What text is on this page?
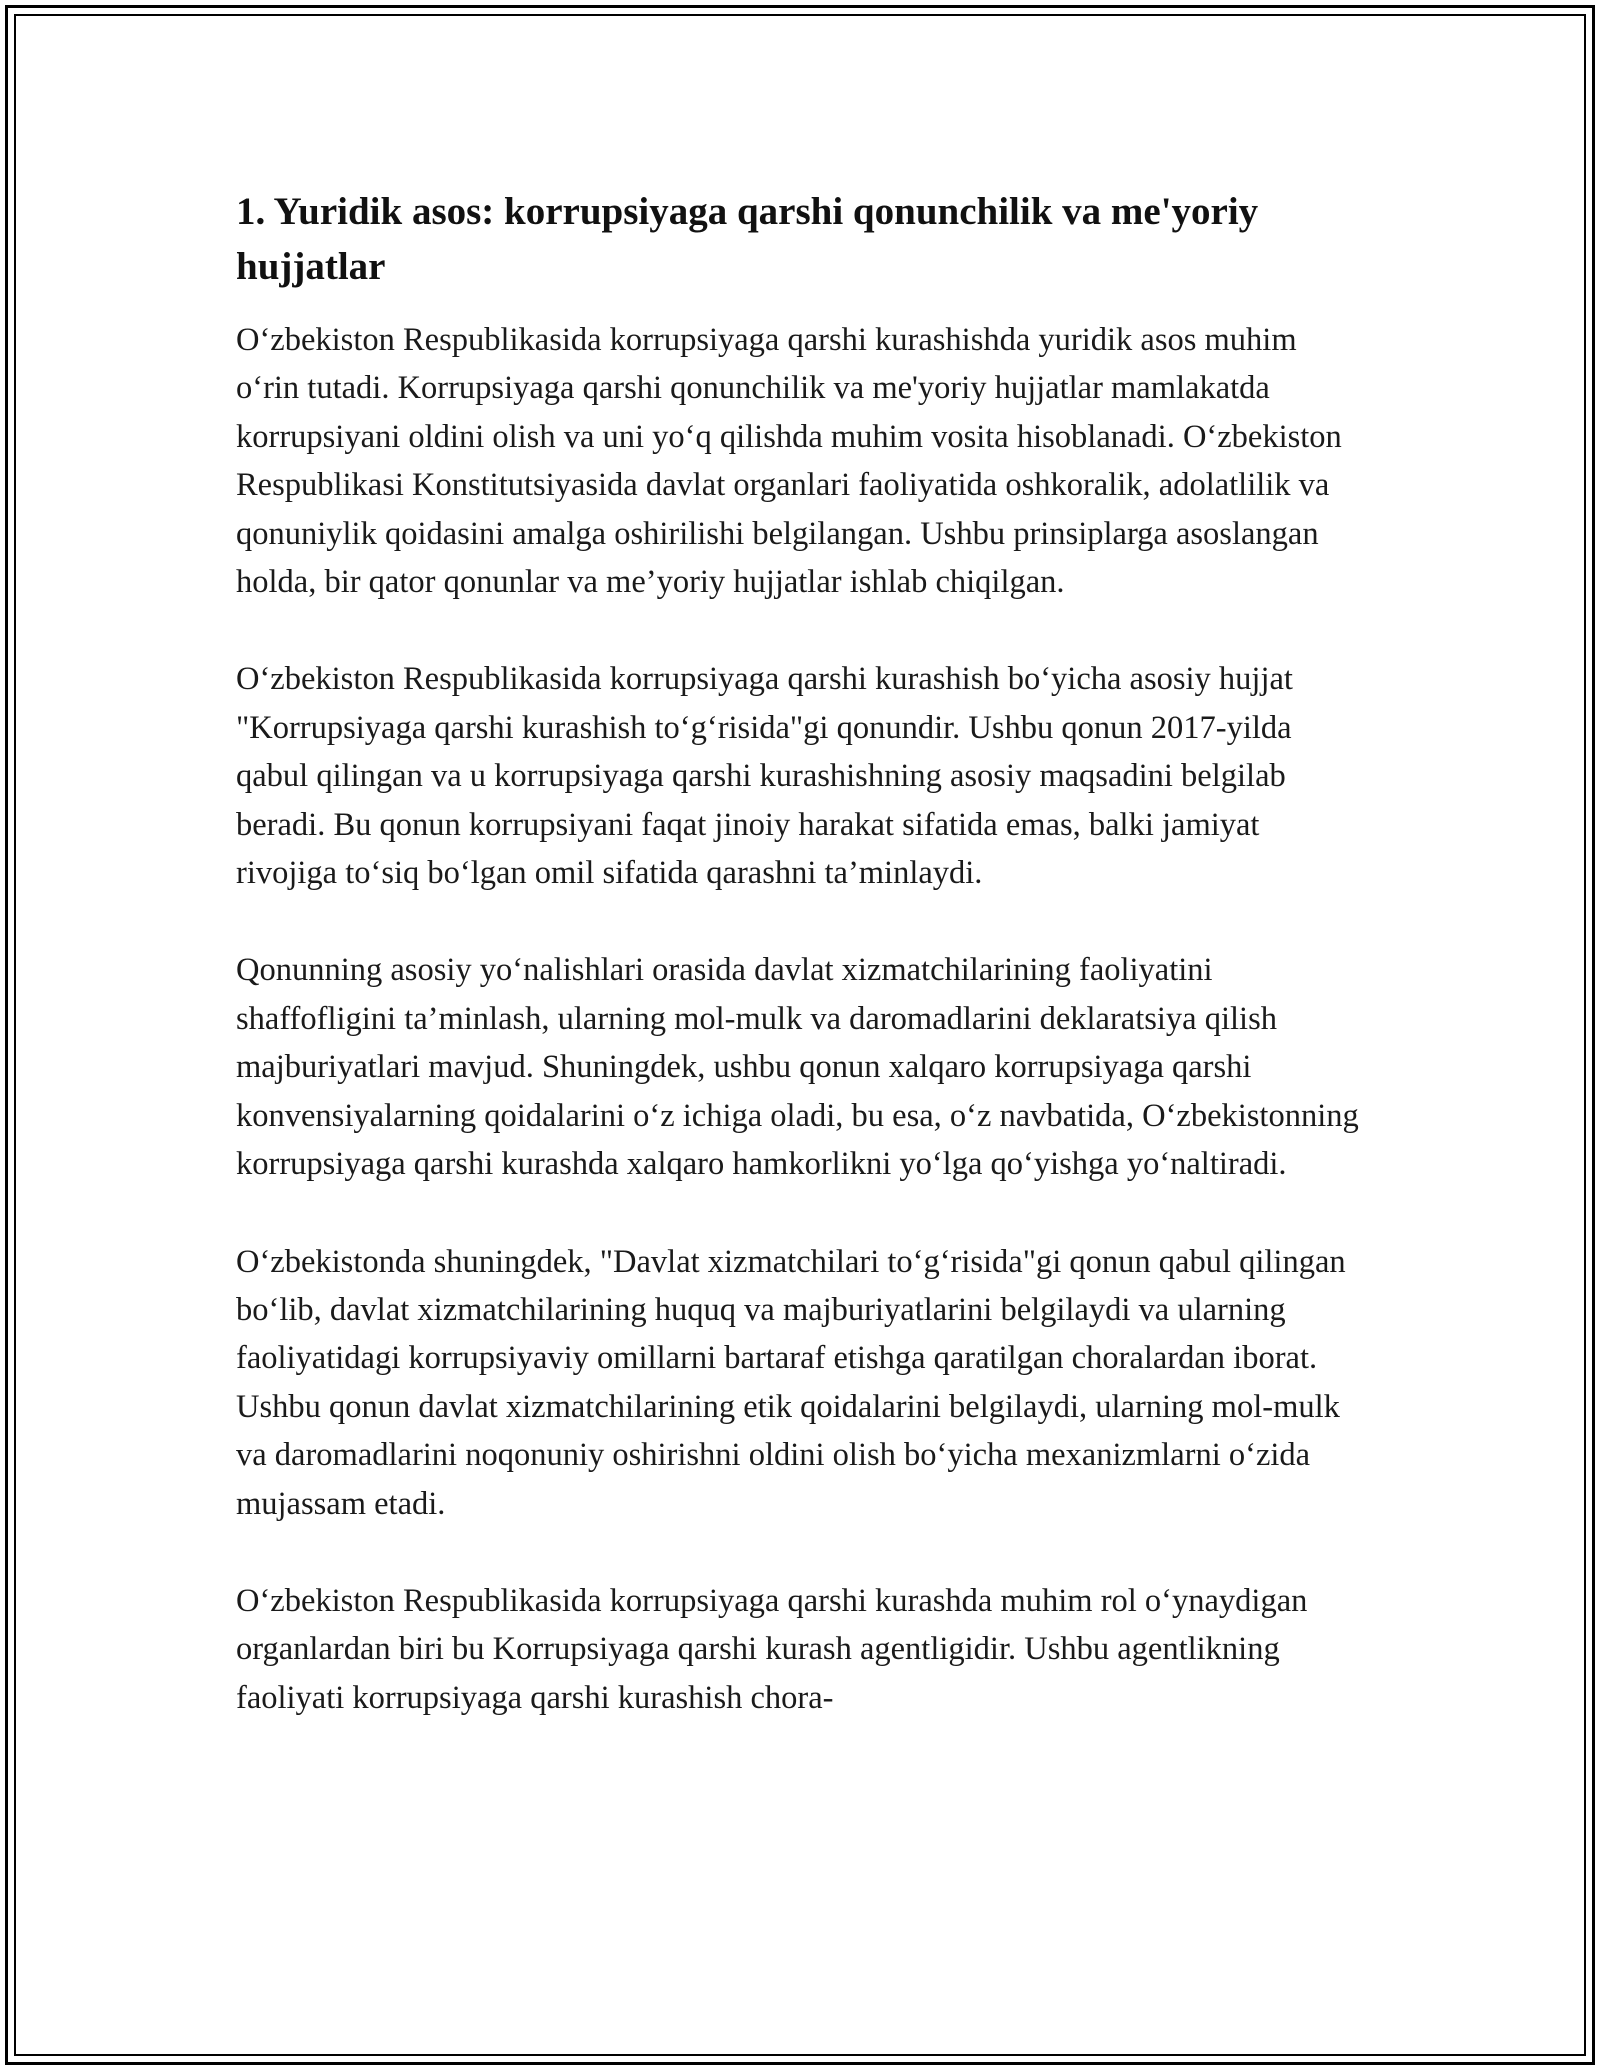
1. Yuridik asos: korrupsiyaga qarshi qonunchilik va me'yoriy hujjatlar

O‘zbekiston Respublikasida korrupsiyaga qarshi kurashishda yuridik asos muhim o‘rin tutadi. Korrupsiyaga qarshi qonunchilik va me'yoriy hujjatlar mamlakatda korrupsiyani oldini olish va uni yo‘q qilishda muhim vosita hisoblanadi. O‘zbekiston Respublikasi Konstitutsiyasida davlat organlari faoliyatida oshkoralik, adolatlilik va qonuniylik qoidasini amalga oshirilishi belgilangan. Ushbu prinsiplarga asoslangan holda, bir qator qonunlar va me’yoriy hujjatlar ishlab chiqilgan.

O‘zbekiston Respublikasida korrupsiyaga qarshi kurashish bo‘yicha asosiy hujjat "Korrupsiyaga qarshi kurashish to‘g‘risida"gi qonundir. Ushbu qonun 2017-yilda qabul qilingan va u korrupsiyaga qarshi kurashishning asosiy maqsadini belgilab beradi. Bu qonun korrupsiyani faqat jinoiy harakat sifatida emas, balki jamiyat rivojiga to‘siq bo‘lgan omil sifatida qarashni ta’minlaydi.

Qonunning asosiy yo‘nalishlari orasida davlat xizmatchilarining faoliyatini shaffofligini ta’minlash, ularning mol-mulk va daromadlarini deklaratsiya qilish majburiyatlari mavjud. Shuningdek, ushbu qonun xalqaro korrupsiyaga qarshi konvensiyalarning qoidalarini o‘z ichiga oladi, bu esa, o‘z navbatida, O‘zbekistonning korrupsiyaga qarshi kurashda xalqaro hamkorlikni yo‘lga qo‘yishga yo‘naltiradi.

O‘zbekistonda shuningdek, "Davlat xizmatchilari to‘g‘risida"gi qonun qabul qilingan bo‘lib, davlat xizmatchilarining huquq va majburiyatlarini belgilaydi va ularning faoliyatidagi korrupsiyaviy omillarni bartaraf etishga qaratilgan choralardan iborat. Ushbu qonun davlat xizmatchilarining etik qoidalarini belgilaydi, ularning mol-mulk va daromadlarini noqonuniy oshirishni oldini olish bo‘yicha mexanizmlarni o‘zida mujassam etadi.

O‘zbekiston Respublikasida korrupsiyaga qarshi kurashda muhim rol o‘ynaydigan organlardan biri bu Korrupsiyaga qarshi kurash agentligidir. Ushbu agentlikning faoliyati korrupsiyaga qarshi kurashish chora-
